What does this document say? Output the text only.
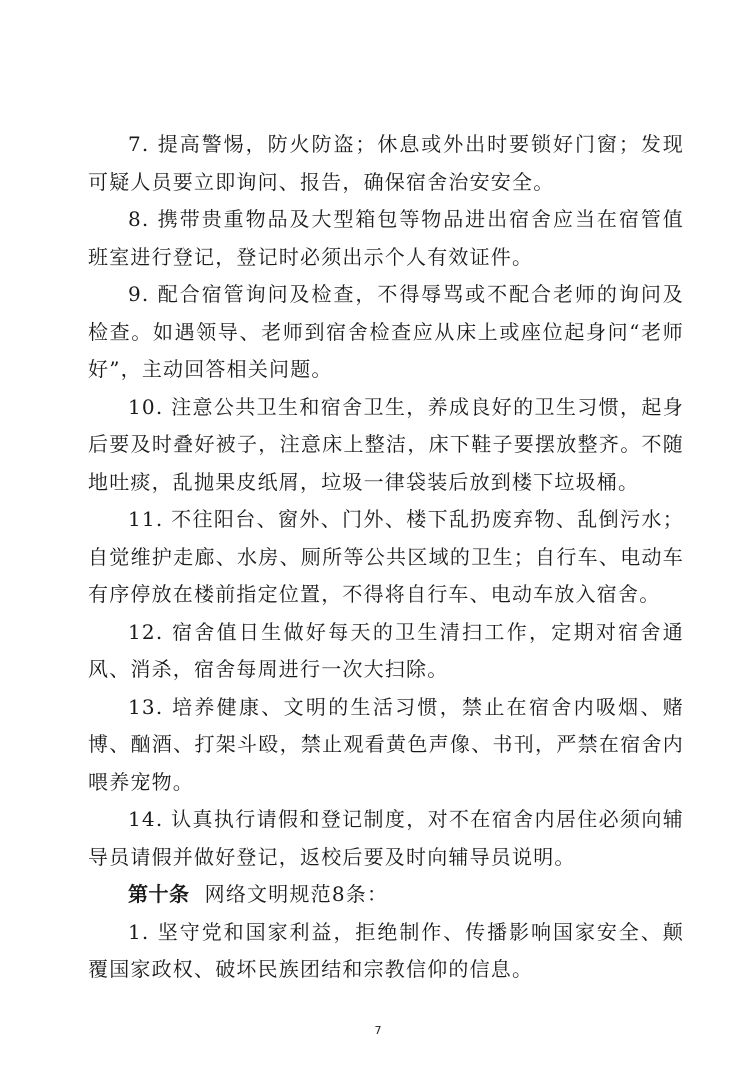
7. 提高警惕，防火防盗；休息或外出时要锁好门窗；发现可疑人员要立即询问、报告，确保宿舍治安安全。

8. 携带贵重物品及大型箱包等物品进出宿舍应当在宿管值班室进行登记，登记时必须出示个人有效证件。

9. 配合宿管询问及检查，不得辱骂或不配合老师的询问及检查。如遇领导、老师到宿舍检查应从床上或座位起身问“老师好”，主动回答相关问题。

10. 注意公共卫生和宿舍卫生，养成良好的卫生习惯，起身后要及时叠好被子，注意床上整洁，床下鞋子要摆放整齐。不随地吐痰，乱抛果皮纸屑，垃圾一律袋装后放到楼下垃圾桶。

11. 不往阳台、窗外、门外、楼下乱扔废弃物、乱倒污水；自觉维护走廊、水房、厕所等公共区域的卫生；自行车、电动车有序停放在楼前指定位置，不得将自行车、电动车放入宿舍。

12. 宿舍值日生做好每天的卫生清扫工作，定期对宿舍通风、消杀，宿舍每周进行一次大扫除。

13. 培养健康、文明的生活习惯，禁止在宿舍内吸烟、赌博、酗酒、打架斗殴，禁止观看黄色声像、书刊，严禁在宿舍内喂养宠物。

14. 认真执行请假和登记制度，对不在宿舍内居住必须向辅导员请假并做好登记，返校后要及时向辅导员说明。

第十条 网络文明规范8条：

1. 坚守党和国家利益，拒绝制作、传播影响国家安全、颠覆国家政权、破坏民族团结和宗教信仰的信息。

7
